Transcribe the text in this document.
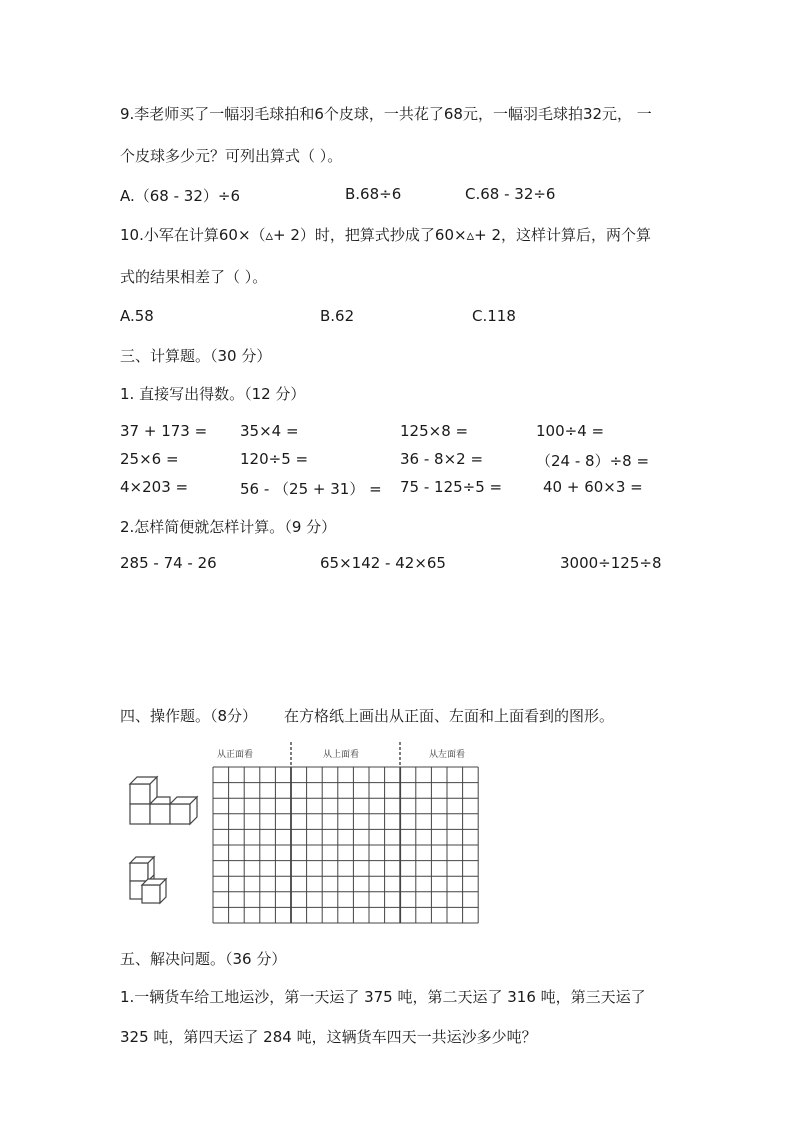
9.李老师买了一幅羽毛球拍和6个皮球，一共花了68元，一幅羽毛球拍32元， 一
个皮球多少元？可列出算式（ ）。
A.（68 - 32）÷6	B.68÷6	C.68 - 32÷6
10.小军在计算60×（▵+ 2）时，把算式抄成了60×▵+ 2，这样计算后，两个算
式的结果相差了（ ）。
A.58	B.62	C.118
三、计算题。（30 分）
1. 直接写出得数。（12 分）
37 + 173 = 35×4 =	125×8 =	100÷4 =
25×6 =	120÷5 =	36 - 8×2 =	（24 - 8）÷8 =
4×203 =	56 - （25 + 31） = 75 - 125÷5 =	40 + 60×3 =
2.怎样简便就怎样计算。（9 分）
285 - 74 - 26	65×142 - 42×65	3000÷125÷8
四、操作题。（8分） 在方格纸上画出从正面、左面和上面看到的图形。
从正面看	从上面看	从左面看
五、解决问题。（36 分）
1.一辆货车给工地运沙，第一天运了 375 吨，第二天运了 316 吨，第三天运了
325 吨，第四天运了 284 吨，这辆货车四天一共运沙多少吨？
